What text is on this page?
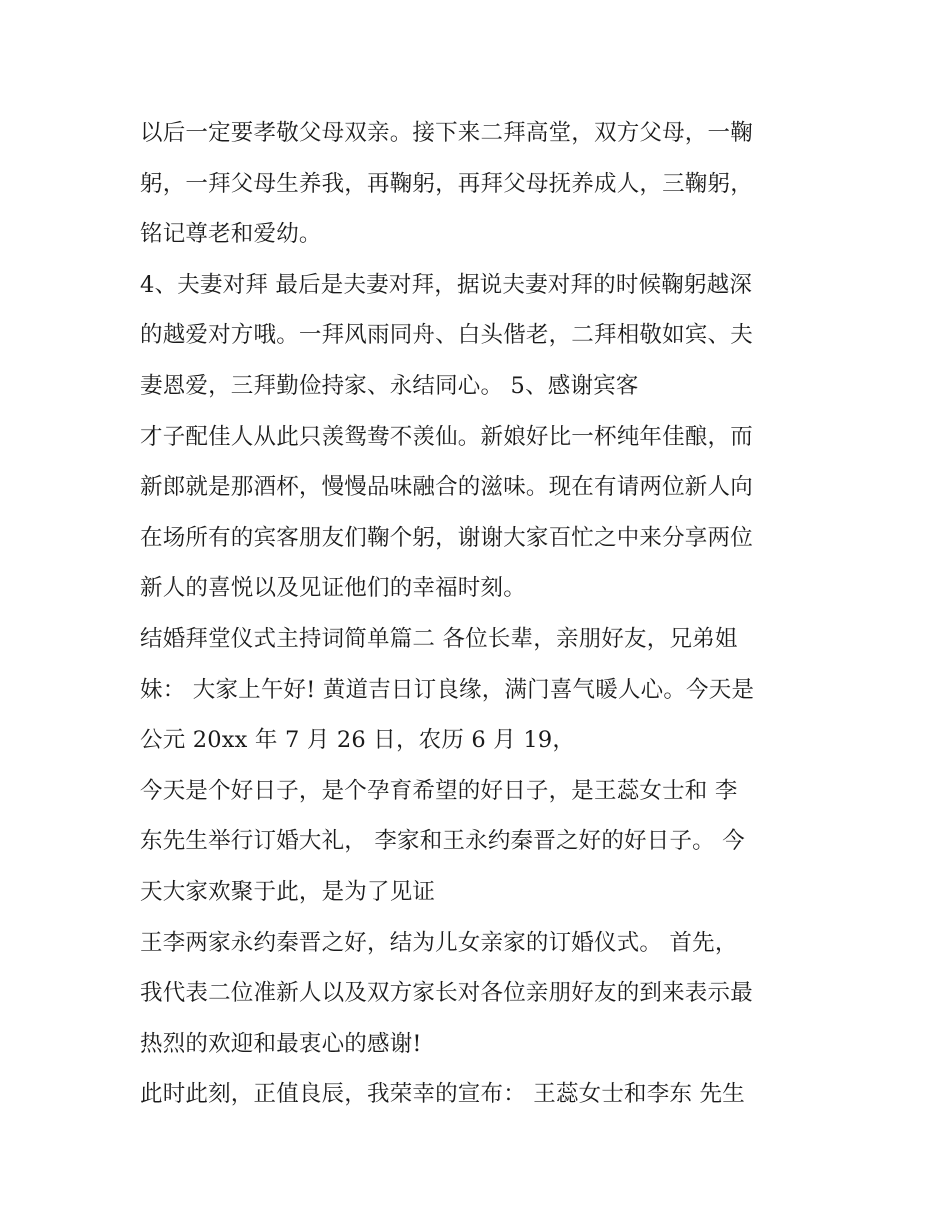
以后一定要孝敬父母双亲。接下来二拜高堂，双方父母，一鞠
躬，一拜父母生养我，再鞠躬，再拜父母抚养成人，三鞠躬，
铭记尊老和爱幼。
4、夫妻对拜 最后是夫妻对拜，据说夫妻对拜的时候鞠躬越深
的越爱对方哦。一拜风雨同舟、白头偕老，二拜相敬如宾、夫
妻恩爱，三拜勤俭持家、永结同心。 5、感谢宾客
才子配佳人从此只羡鸳鸯不羡仙。新娘好比一杯纯年佳酿，而
新郎就是那酒杯，慢慢品味融合的滋味。现在有请两位新人向
在场所有的宾客朋友们鞠个躬，谢谢大家百忙之中来分享两位
新人的喜悦以及见证他们的幸福时刻。
结婚拜堂仪式主持词简单篇二 各位长辈，亲朋好友，兄弟姐
妹： 大家上午好! 黄道吉日订良缘，满门喜气暖人心。今天是
公元 20xx 年 7 月 26 日，农历 6 月 19，
今天是个好日子，是个孕育希望的好日子，是王蕊女士和 李
东先生举行订婚大礼， 李家和王永约秦晋之好的好日子。 今
天大家欢聚于此，是为了见证
王李两家永约秦晋之好，结为儿女亲家的订婚仪式。 首先，
我代表二位准新人以及双方家长对各位亲朋好友的到来表示最
热烈的欢迎和最衷心的感谢!
此时此刻，正值良辰，我荣幸的宣布： 王蕊女士和李东 先生
